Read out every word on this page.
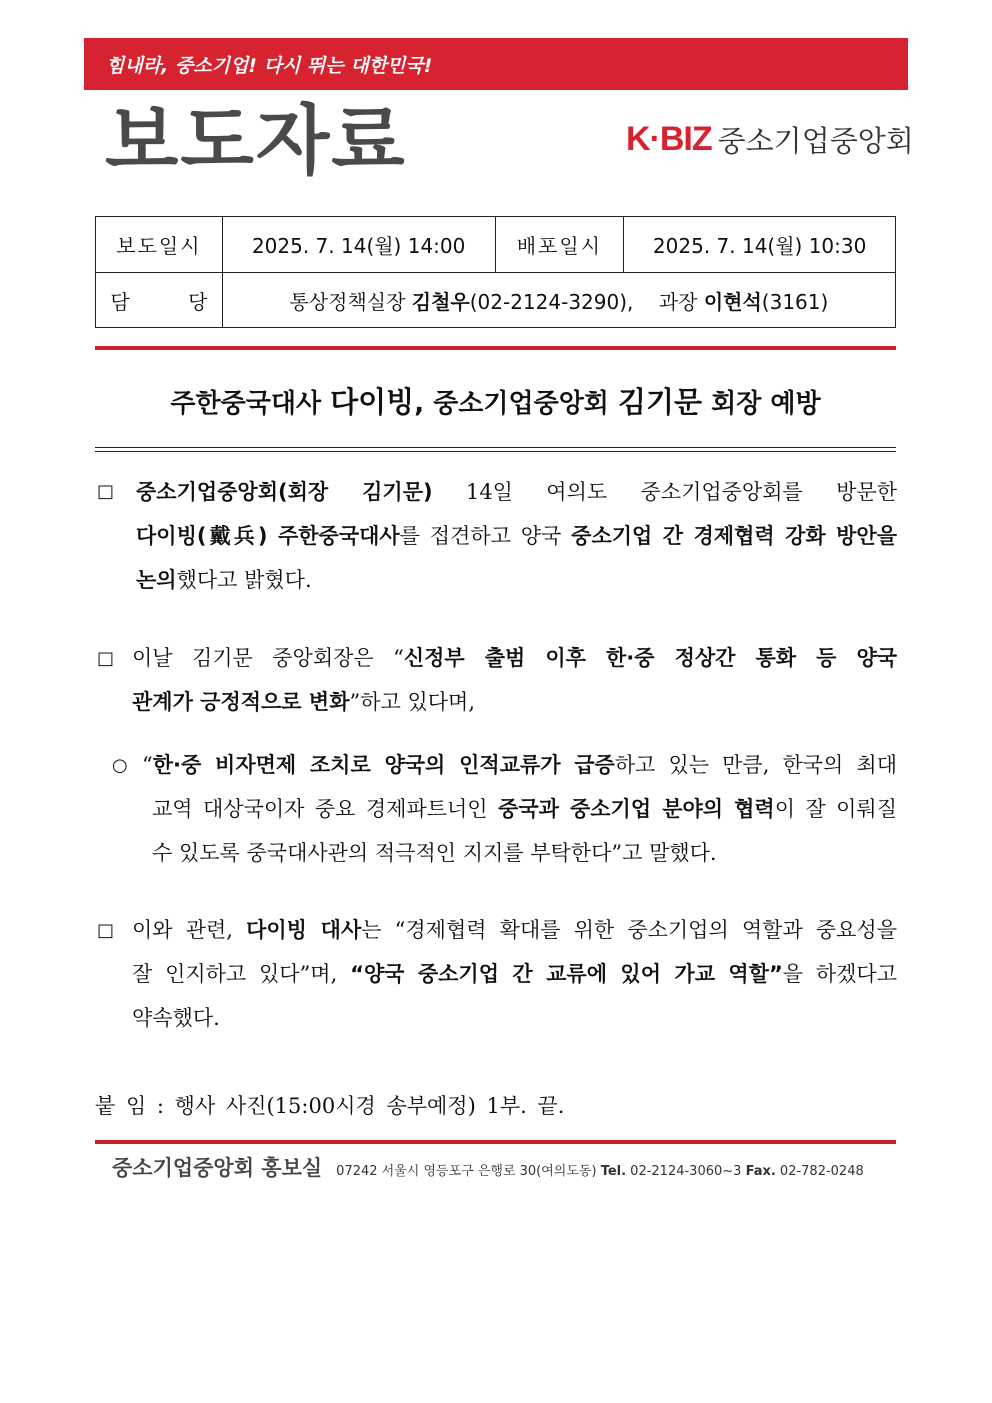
힘내라, 중소기업! 다시 뛰는 대한민국!
보도자료	K·BIZ 중소기업중앙회
보도일시	2025. 7. 14(월) 14:00	배포일시	2025. 7. 14(월) 10:30
담 당	통상정책실장 김철우(02-2124-3290), 과장 이현석(3161)		
주한중국대사 다이빙, 중소기업중앙회 김기문 회장 예방
□ 중소기업중앙회(회장 김기문) 14일 여의도 중소기업중앙회를 방문한
다이빙(戴兵) 주한중국대사를 접견하고 양국 중소기업 간 경제협력 강화 방안을
논의했다고 밝혔다.
□ 이날 김기문 중앙회장은 “신정부 출범 이후 한·중 정상간 통화 등 양국
관계가 긍정적으로 변화”하고 있다며,
○ “한·중 비자면제 조치로 양국의 인적교류가 급증하고 있는 만큼, 한국의 최대
교역 대상국이자 중요 경제파트너인 중국과 중소기업 분야의 협력이 잘 이뤄질
수 있도록 중국대사관의 적극적인 지지를 부탁한다”고 말했다.
□ 이와 관련, 다이빙 대사는 “경제협력 확대를 위한 중소기업의 역할과 중요성을
잘 인지하고 있다”며, “양국 중소기업 간 교류에 있어 가교 역할”을 하겠다고
약속했다.
붙 임 : 행사 사진(15:00시경 송부예정) 1부. 끝.
중소기업중앙회 홍보실 07242 서울시 영등포구 은행로 30(여의도동) Tel. 02-2124-3060~3 Fax. 02-782-0248
